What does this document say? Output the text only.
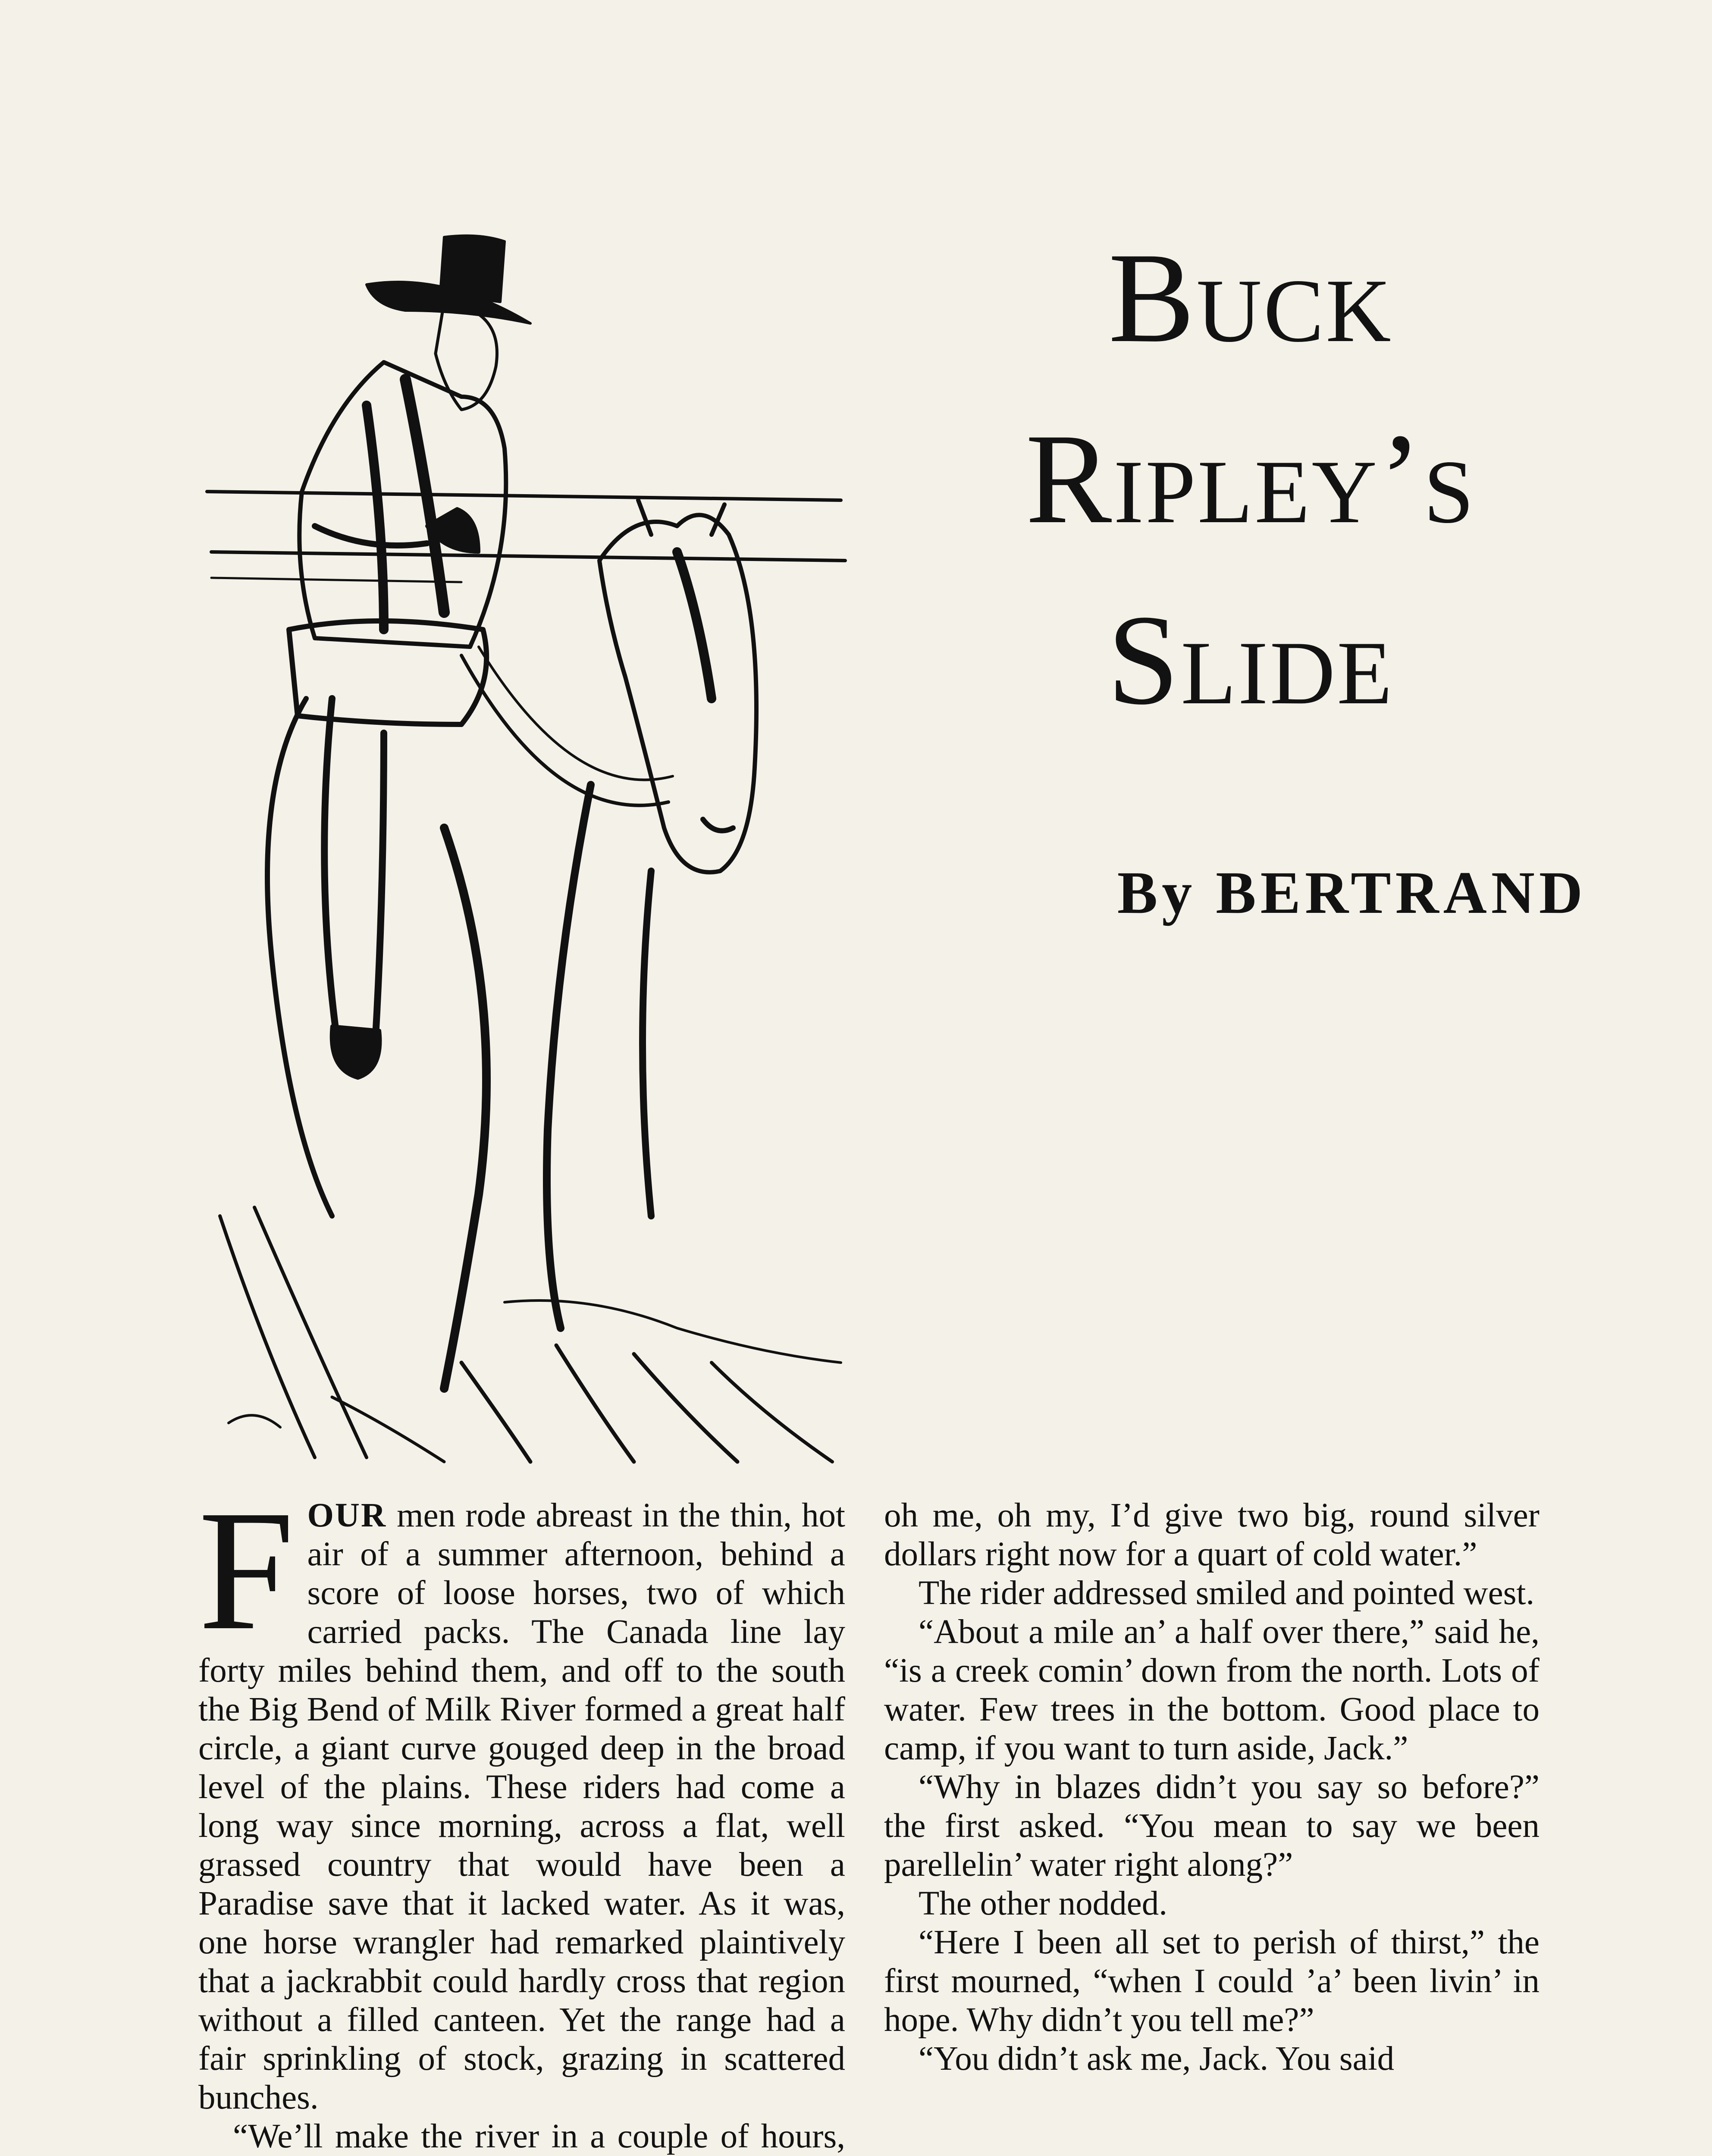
Buck
Ripley’s
Slide
By BERTRAND

FOUR men rode abreast in the thin, hot air of a summer afternoon, behind a score of loose horses, two of which carried packs. The Canada line lay forty miles behind them, and off to the south the Big Bend of Milk River formed a great half circle, a giant curve gouged deep in the broad level of the plains. These riders had come a long way since morning, across a flat, well grassed country that would have been a Paradise save that it lacked water. As it was, one horse wrangler had remarked plaintively that a jackrabbit could hardly cross that region without a filled canteen. Yet the range had a fair sprinkling of stock, grazing in scattered bunches.

“We’ll make the river in a couple of hours,

oh me, oh my, I’d give two big, round silver dollars right now for a quart of cold water.”

The rider addressed smiled and pointed west.

“About a mile an’ a half over there,” said he, “is a creek comin’ down from the north. Lots of water. Few trees in the bottom. Good place to camp, if you want to turn aside, Jack.”

“Why in blazes didn’t you say so before?” the first asked. “You mean to say we been parellelin’ water right along?”

The other nodded.

“Here I been all set to perish of thirst,” the first mourned, “when I could ’a’ been livin’ in hope. Why didn’t you tell me?”

“You didn’t ask me, Jack. You said
